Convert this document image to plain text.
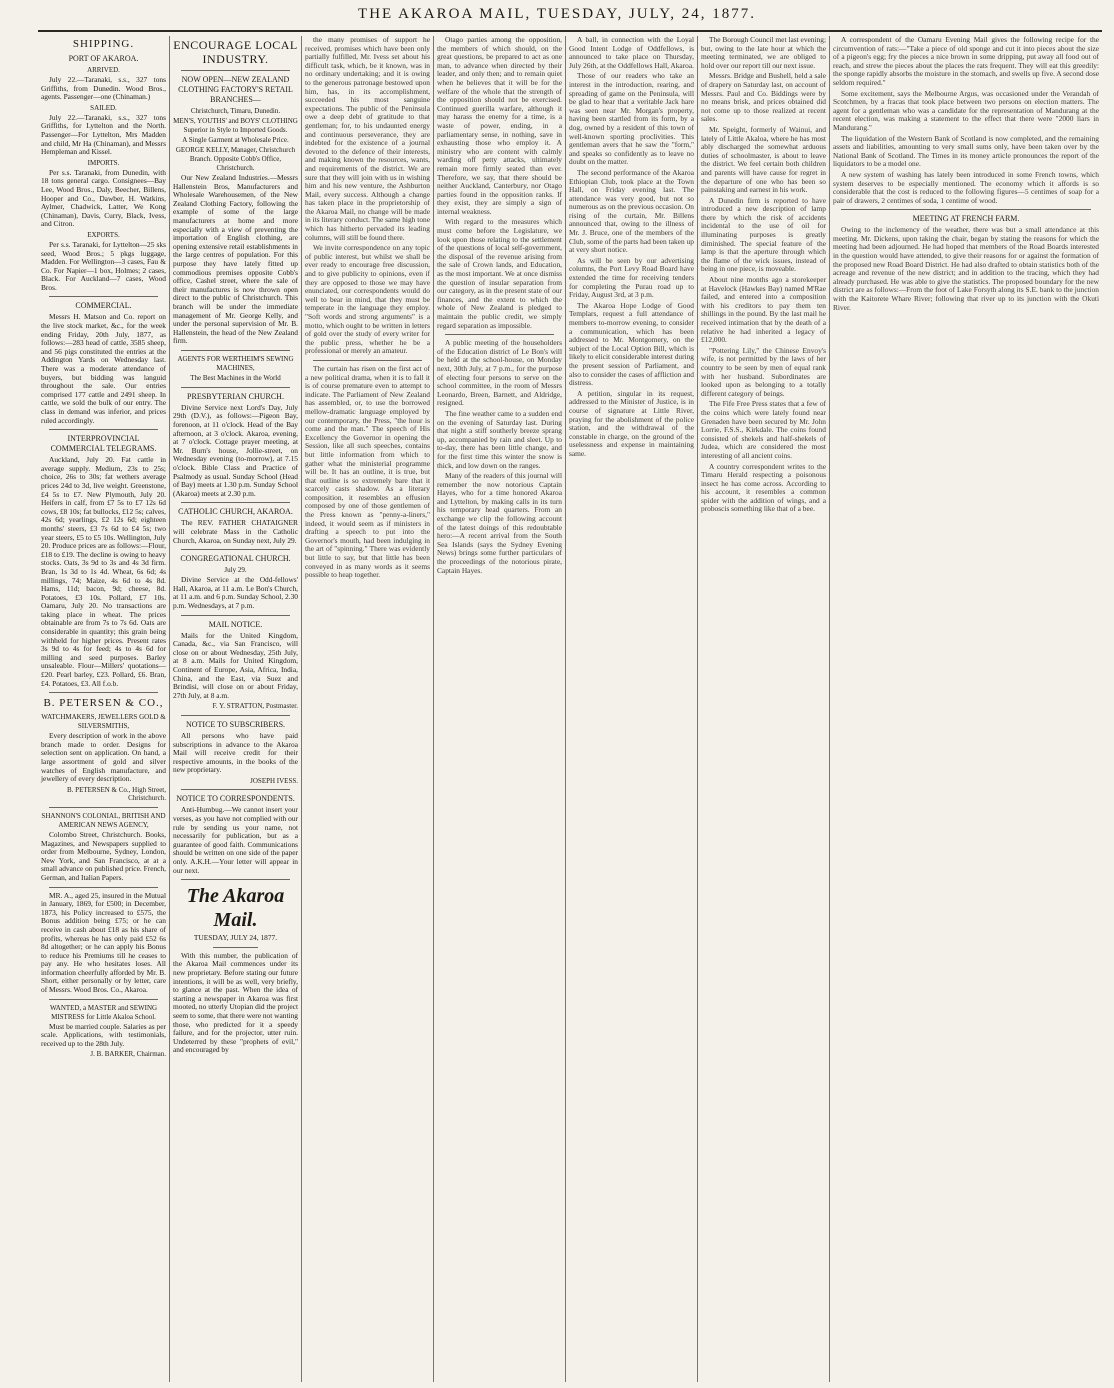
THE AKAROA MAIL, TUESDAY, JULY, 24, 1877.
SHIPPING.
PORT OF AKAROA.
ARRIVED.

July 22.—Taranaki, s.s., 327 tons Griffiths, from Dunedin. Wood Bros., agents. Passenger—one (Chinaman.)

SAILED.

July 22.—Taranaki, s.s., 327 tons Griffiths, for Lyttelton and the North. Passenger—For Lyttelton, Mrs Madden and child, Mr Ha (Chinaman), and Messrs Hempleman and Kissel.

IMPORTS.

Per s.s. Taranaki, from Dunedin, with 18 tons general cargo. Consignees—Bay Lee, Wood Bros., Daly, Beecher, Billens, Hooper and Co., Dawber, H. Watkins, Aylmer, Chadwick, Latter, We Kong (Chinaman), Davis, Curry, Black, Ivess, and Citron.

EXPORTS.

Per s.s. Taranaki, for Lyttelton—25 sks seed, Wood Bros.; 5 pkgs luggage, Madden. For Wellington—3 cases, Fau & Co. For Napier—1 box, Holmes; 2 cases, Black. For Auckland—7 cases, Wood Bros.

COMMERCIAL.

Messrs H. Matson and Co. report on the live stock market, &c., for the week ending Friday, 20th July, 1877, as follows:—283 head of cattle, 3585 sheep, and 56 pigs constituted the entries at the Addington Yards on Wednesday last. There was a moderate attendance of buyers, but bidding was languid throughout the sale. Our entries comprised 177 cattle and 2491 sheep. In cattle, we sold the bulk of our entry. The class in demand was inferior, and prices ruled accordingly.

INTERPROVINCIAL COMMERCIAL TELEGRAMS.

Auckland, July 20. Fat cattle in average supply. Medium, 23s to 25s; choice, 26s to 30s; fat wethers average prices 24d to 3d, live weight. Greenstone, £4 5s to £7. New Plymouth, July 20. Heifers in calf, from £7 5s to £7 12s 6d cows, £8 10s; fat bullocks, £12 5s; calves, 42s 6d; yearlings, £2 12s 6d; eighteen months' steers, £3 7s 6d to £4 5s; two year steers, £5 to £5 10s. Wellington, July 20. Produce prices are as follows:—Flour, £18 to £19. The decline is owing to heavy stocks. Oats, 3s 9d to 3s and 4s 3d firm. Bran, 1s 3d to 1s 4d. Wheat, 6s 6d; 4s millings, 74; Maize, 4s 6d to 4s 8d. Hams, 11d; bacon, 9d; cheese, 8d. Potatoes, £3 10s. Pollard, £7 10s. Oamaru, July 20. No transactions are taking place in wheat. The prices obtainable are from 7s to 7s 6d. Oats are considerable in quantity; this grain being withheld for higher prices. Present rates 3s 9d to 4s for feed; 4s to 4s 6d for milling and seed purposes. Barley unsaleable. Flour—Millers' quotations—£20. Pearl barley, £23. Pollard, £6. Bran, £4. Potatoes, £3. All f.o.b.

B. PETERSEN & CO.,
WATCHMAKERS, JEWELLERS GOLD & SILVERSMITHS,

Every description of work in the above branch made to order. Designs for selection sent on application. On hand, a large assortment of gold and silver watches of English manufacture, and jewellery of every description.

B. PETERSEN & Co., High Street, Christchurch.
SHANNON'S COLONIAL, BRITISH AND AMERICAN NEWS AGENCY,

Colombo Street, Christchurch. Books, Magazines, and Newspapers supplied to order from Melbourne, Sydney, London, New York, and San Francisco, at at a small advance on published price. French, German, and Italian Papers.

MR. A., aged 25, insured in the Mutual in January, 1869, for £500; in December, 1873, his Policy increased to £575, the Bonus addition being £75; or he can receive in cash about £18 as his share of profits, whereas he has only paid £52 6s 8d altogether; or he can apply his Bonus to reduce his Premiums till he ceases to pay any. He who hesitates loses. All information cheerfully afforded by Mr. B. Short, either personally or by letter, care of Messrs. Wood Bros. Co., Akaroa.

WANTED, a MASTER and SEWING MISTRESS for Little Akaloa School.

Must be married couple. Salaries as per scale. Applications, with testimonials, received up to the 28th July.

J. B. BARKER, Chairman.
ENCOURAGE LOCAL INDUSTRY.
NOW OPEN—NEW ZEALAND CLOTHING FACTORY'S RETAIL BRANCHES—
Christchurch, Timaru, Dunedin.
MEN'S, YOUTHS' and BOYS' CLOTHING Superior in Style to Imported Goods.
A Single Garment at Wholesale Price.
GEORGE KELLY, Manager, Christchurch Branch. Opposite Cobb's Office, Christchurch.

Our New Zealand Industries.—Messrs Hallenstein Bros, Manufacturers and Wholesale Warehousemen, of the New Zealand Clothing Factory, following the example of some of the large manufacturers at home and more especially with a view of preventing the importation of English clothing, are opening extensive retail establishments in the large centres of population. For this purpose they have lately fitted up commodious premises opposite Cobb's office, Cashel street, where the sale of their manufactures is now thrown open direct to the public of Christchurch. This branch will be under the immediate management of Mr. George Kelly, and under the personal supervision of Mr. B. Hallenstein, the head of the New Zealand firm.

AGENTS FOR WERTHEIM'S SEWING MACHINES,
The Best Machines in the World
PRESBYTERIAN CHURCH.

Divine Service next Lord's Day, July 29th (D.V.), as follows:—Pigeon Bay, forenoon, at 11 o'clock. Head of the Bay afternoon, at 3 o'clock. Akaroa, evening, at 7 o'clock. Cottage prayer meeting, at Mr. Burn's house, Jollie-street, on Wednesday evening (to-morrow), at 7.15 o'clock. Bible Class and Practice of Psalmody as usual. Sunday School (Head of Bay) meets at 1.30 p.m. Sunday School (Akaroa) meets at 2.30 p.m.

CATHOLIC CHURCH, AKAROA.

The REV. FATHER CHATAIGNER will celebrate Mass in the Catholic Church, Akaroa, on Sunday next, July 29.

CONGREGATIONAL CHURCH.
July 29.

Divine Service at the Odd-fellows' Hall, Akaroa, at 11 a.m. Le Bon's Church, at 11 a.m. and 6 p.m. Sunday School, 2.30 p.m. Wednesdays, at 7 p.m.

MAIL NOTICE.

Mails for the United Kingdom, Canada, &c., via San Francisco, will close on or about Wednesday, 25th July, at 8 a.m. Mails for United Kingdom, Continent of Europe, Asia, Africa, India, China, and the East, via Suez and Brindisi, will close on or about Friday, 27th July, at 8 a.m.

F. Y. STRATTON, Postmaster.
NOTICE TO SUBSCRIBERS.

All persons who have paid subscriptions in advance to the Akaroa Mail will receive credit for their respective amounts, in the books of the new proprietary.

JOSEPH IVESS.
NOTICE TO CORRESPONDENTS.

Anti-Humbug.—We cannot insert your verses, as you have not complied with our rule by sending us your name, not necessarily for publication, but as a guarantee of good faith. Communications should be written on one side of the paper only. A.K.H.—Your letter will appear in our next.

The Akaroa Mail.
TUESDAY, JULY 24, 1877.

With this number, the publication of the Akaroa Mail commences under its new proprietary. Before stating our future intentions, it will be as well, very briefly, to glance at the past. When the idea of starting a newspaper in Akaroa was first mooted, no utterly Utopian did the project seem to some, that there were not wanting those, who predicted for it a speedy failure, and for the projector, utter ruin. Undeterred by these "prophets of evil," and encouraged by

the many promises of support he received, promises which have been only partially fulfilled, Mr. Ivess set about his difficult task, which, be it known, was in no ordinary undertaking; and it is owing to the generous patronage bestowed upon him, has, in its accomplishment, succeeded his most sanguine expectations. The public of the Peninsula owe a deep debt of gratitude to that gentleman; for, to his undaunted energy and continuous perseverance, they are indebted for the existence of a journal devoted to the defence of their interests, and making known the resources, wants, and requirements of the district. We are sure that they will join with us in wishing him and his new venture, the Ashburton Mail, every success. Although a change has taken place in the proprietorship of the Akaroa Mail, no change will be made in its literary conduct. The same high tone which has hitherto pervaded its leading columns, will still be found there.

We invite correspondence on any topic of public interest, but whilst we shall be ever ready to encourage free discussion, and to give publicity to opinions, even if they are opposed to those we may have enunciated, our correspondents would do well to bear in mind, that they must be temperate in the language they employ. "Soft words and strong arguments" is a motto, which ought to be written in letters of gold over the study of every writer for the public press, whether he be a professional or merely an amateur.

The curtain has risen on the first act of a new political drama, when it is to fall it is of course premature even to attempt to indicate. The Parliament of New Zealand has assembled, or, to use the borrowed mellow-dramatic language employed by our contemporary, the Press, "the hour is come and the man." The speech of His Excellency the Governor in opening the Session, like all such speeches, contains but little information from which to gather what the ministerial programme will be. It has an outline, it is true, but that outline is so extremely bare that it scarcely casts shadow. As a literary composition, it resembles an effusion composed by one of those gentlemen of the Press known as "penny-a-liners," indeed, it would seem as if ministers in drafting a speech to put into the Governor's mouth, had been indulging in the art of "spinning." There was evidently but little to say, but that little has been conveyed in as many words as it seems possible to heap together.

Otago parties among the opposition, the members of which should, on the great questions, be prepared to act as one man, to advance when directed by their leader, and only then; and to remain quiet when he believes that it will be for the welfare of the whole that the strength of the opposition should not be exercised. Continued guerilla warfare, although it may harass the enemy for a time, is a waste of power, ending, in a parliamentary sense, in nothing, save in exhausting those who employ it. A ministry who are content with calmly warding off petty attacks, ultimately remain more firmly seated than ever. Therefore, we say, that there should be neither Auckland, Canterbury, nor Otago parties found in the opposition ranks. If they exist, they are simply a sign of internal weakness.

With regard to the measures which must come before the Legislature, we look upon those relating to the settlement of the questions of local self-government, the disposal of the revenue arising from the sale of Crown lands, and Education, as the most important. We at once dismiss the question of insular separation from our category, as in the present state of our finances, and the extent to which the whole of New Zealand is pledged to maintain the public credit, we simply regard separation as impossible.

A public meeting of the householders of the Education district of Le Bon's will be held at the school-house, on Monday next, 30th July, at 7 p.m., for the purpose of electing four persons to serve on the school committee, in the room of Messrs Leonardo, Breen, Barnett, and Aldridge, resigned.

The fine weather came to a sudden end on the evening of Saturday last. During that night a stiff southerly breeze sprang up, accompanied by rain and sleet. Up to to-day, there has been little change, and for the first time this winter the snow is thick, and low down on the ranges.

Many of the readers of this journal will remember the now notorious Captain Hayes, who for a time honored Akaroa and Lyttelton, by making calls in its turn his temporary head quarters. From an exchange we clip the following account of the latest doings of this redoubtable hero:—A recent arrival from the South Sea Islands (says the Sydney Evening News) brings some further particulars of the proceedings of the notorious pirate, Captain Hayes.

A ball, in connection with the Loyal Good Intent Lodge of Oddfellows, is announced to take place on Thursday, July 26th, at the Oddfellows Hall, Akaroa.

Those of our readers who take an interest in the introduction, rearing, and spreading of game on the Peninsula, will be glad to hear that a veritable Jack hare was seen near Mr. Morgan's property, having been startled from its form, by a dog, owned by a resident of this town of well-known sporting proclivities. This gentleman avers that he saw the "form," and speaks so confidently as to leave no doubt on the matter.

The second performance of the Akaroa Ethiopian Club, took place at the Town Hall, on Friday evening last. The attendance was very good, but not so numerous as on the previous occasion. On rising of the curtain, Mr. Billens announced that, owing to the illness of Mr. J. Bruce, one of the members of the Club, some of the parts had been taken up at very short notice.

As will be seen by our advertising columns, the Port Levy Road Board have extended the time for receiving tenders for completing the Purau road up to Friday, August 3rd, at 3 p.m.

The Akaroa Hope Lodge of Good Templars, request a full attendance of members to-morrow evening, to consider a communication, which has been addressed to Mr. Montgomery, on the subject of the Local Option Bill, which is likely to elicit considerable interest during the present session of Parliament, and also to consider the cases of affliction and distress.

A petition, singular in its request, addressed to the Minister of Justice, is in course of signature at Little River, praying for the abolishment of the police station, and the withdrawal of the constable in charge, on the ground of the uselessness and expense in maintaining same.

The Borough Council met last evening; but, owing to the late hour at which the meeting terminated, we are obliged to hold over our report till our next issue.

Messrs. Bridge and Bushell, held a sale of drapery on Saturday last, on account of Messrs. Paul and Co. Biddings were by no means brisk, and prices obtained did not come up to those realized at recent sales.

Mr. Speight, formerly of Wainui, and lately of Little Akaloa, where he has most ably discharged the somewhat arduous duties of schoolmaster, is about to leave the district. We feel certain both children and parents will have cause for regret in the departure of one who has been so painstaking and earnest in his work.

A Dunedin firm is reported to have introduced a new description of lamp there by which the risk of accidents incidental to the use of oil for illuminating purposes is greatly diminished. The special feature of the lamp is that the aperture through which the flame of the wick issues, instead of being in one piece, is moveable.

About nine months ago a storekeeper at Havelock (Hawkes Bay) named M'Rae failed, and entered into a composition with his creditors to pay them ten shillings in the pound. By the last mail he received intimation that by the death of a relative he had inherited a legacy of £12,000.

"Pottering Lily," the Chinese Envoy's wife, is not permitted by the laws of her country to be seen by men of equal rank with her husband. Subordinates are looked upon as belonging to a totally different category of beings.

The Fife Free Press states that a few of the coins which were lately found near Grenaden have been secured by Mr. John Lorrie, F.S.S., Kirkdale. The coins found consisted of shekels and half-shekels of Judea, which are considered the most interesting of all ancient coins.

A country correspondent writes to the Timaru Herald respecting a poisonous insect he has come across. According to his account, it resembles a common spider with the addition of wings, and a proboscis something like that of a bee.

A correspondent of the Oamaru Evening Mail gives the following recipe for the circumvention of rats:—"Take a piece of old sponge and cut it into pieces about the size of a pigeon's egg; fry the pieces a nice brown in some dripping, put away all food out of reach, and strew the pieces about the places the rats frequent. They will eat this greedily: the sponge rapidly absorbs the moisture in the stomach, and swells up five. A second dose seldom required."

Some excitement, says the Melbourne Argus, was occasioned under the Verandah of Scotchmen, by a fracas that took place between two persons on election matters. The agent for a gentleman who was a candidate for the representation of Mandurang at the recent election, was making a statement to the effect that there were "2000 liars in Mandurang."

The liquidation of the Western Bank of Scotland is now completed, and the remaining assets and liabilities, amounting to very small sums only, have been taken over by the National Bank of Scotland. The Times in its money article pronounces the report of the liquidators to be a model one.

A new system of washing has lately been introduced in some French towns, which system deserves to be especially mentioned. The economy which it affords is so considerable that the cost is reduced to the following figures—5 centimes of soap for a pair of drawers, 2 centimes of soda, 1 centime of wood.

MEETING AT FRENCH FARM.

Owing to the inclemency of the weather, there was but a small attendance at this meeting. Mr. Dickens, upon taking the chair, began by stating the reasons for which the meeting had been adjourned. He had hoped that members of the Road Boards interested in the question would have attended, to give their reasons for or against the formation of the proposed new Road Board District. He had also drafted to obtain statistics both of the acreage and revenue of the new district; and in addition to the tracing, which they had already purchased. He was able to give the statistics. The proposed boundary for the new district are as follows:—From the foot of Lake Forsyth along its S.E. bank to the junction with the Kaitorete Whare River; following that river up to its junction with the Okuti River.
